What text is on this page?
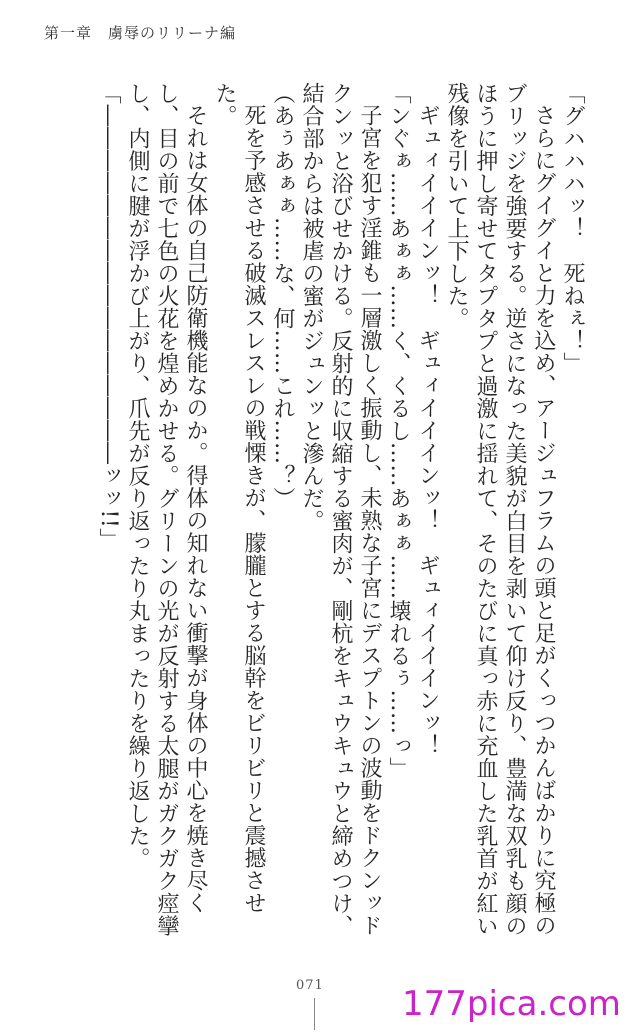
第一章　虜辱のリリーナ編

「グハハハッ！　死ねぇ！」

さらにグイグイと力を込め、アージュフラムの頭と足がくっつかんばかりに究極のブリッジを強要する。逆さになった美貌が白目を剥いて仰け反り、豊満な双乳も顔のほうに押し寄せてタプタプと過激に揺れて、そのたびに真っ赤に充血した乳首が紅い残像を引いて上下した。

ギュィイイインッ！　ギュィイイインッ！　ギュィイイインッ！

「ンぐぁ……あぁぁ……く、くるし……あぁぁ……壊れるぅ……っ」

子宮を犯す淫錐も一層激しく振動し、未熟な子宮にデスプトンの波動をドクンッドクンッと浴びせかける。反射的に収縮する蜜肉が、剛杭をキュウキュウと締めつけ、結合部からは被虐の蜜がジュンッと滲んだ。

（あぅあぁぁ……な、何……これ……？）

死を予感させる破滅スレスレの戦慄きが、朦朧とする脳幹をビリビリと震撼させた。

それは女体の自己防衛機能なのか。得体の知れない衝撃が身体の中心を焼き尽くし、目の前で七色の火花を煌めかせる。グリーンの光が反射する太腿がガクガク痙攣し、内側に腱が浮かび上がり、爪先が反り返ったり丸まったりを繰り返した。

「――――――――――――――――ッッ!!」

071 177pica.com
